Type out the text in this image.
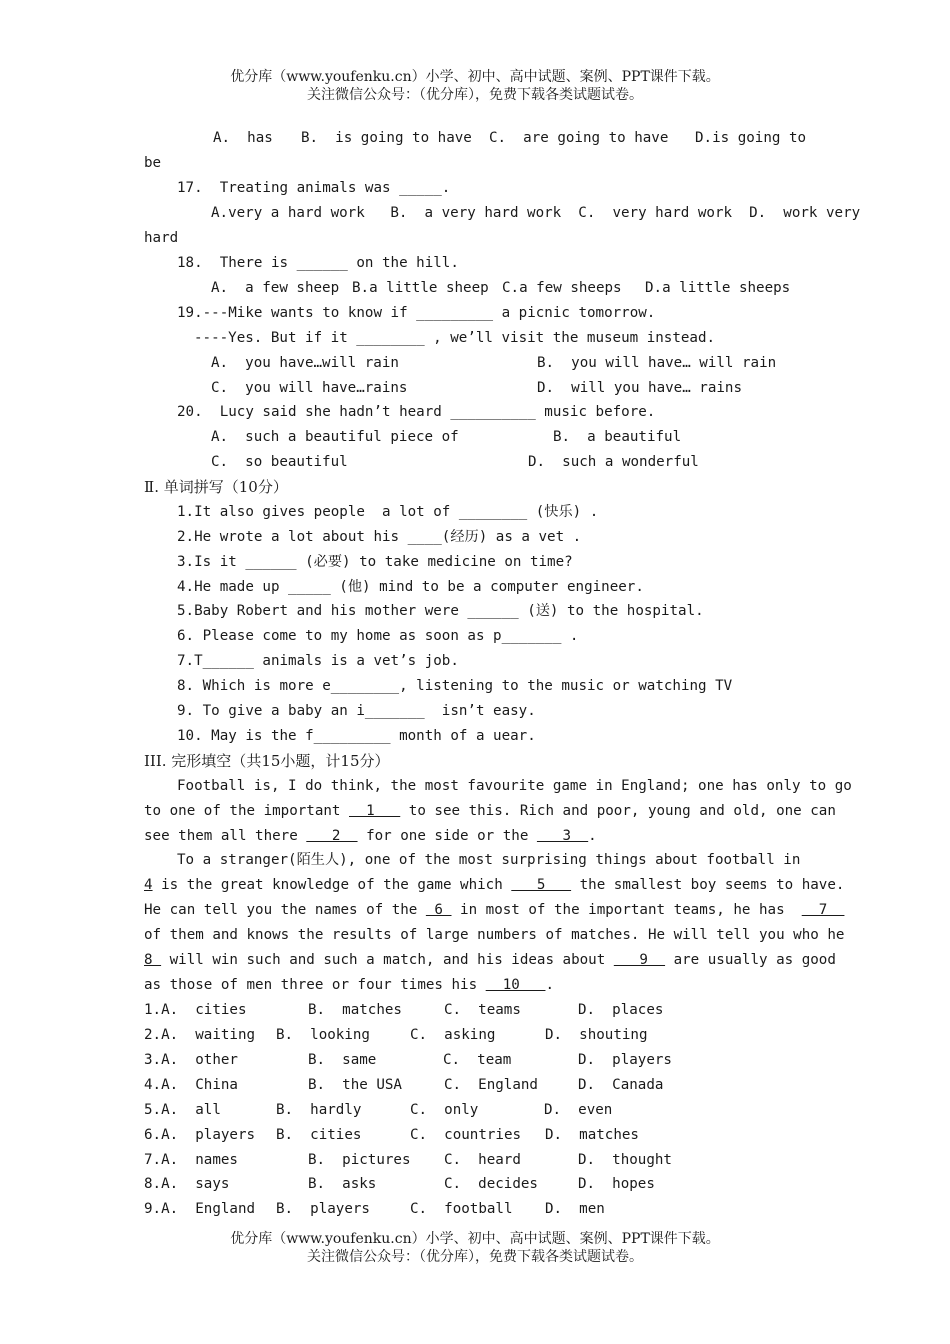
优分库（www.youfenku.cn）小学、初中、高中试题、案例、PPT课件下载。
关注微信公众号：（优分库），免费下载各类试题试卷。
A.  has B.  is going to have C.  are going to have D.is going to
be
17.  Treating animals was _____.
A.very a hard work   B.  a very hard work  C.  very hard work  D.  work very
hard
18.  There is ______ on the hill.
A.  a few sheep B.a little sheep C.a few sheeps D.a little sheeps
19.---Mike wants to know if _________ a picnic tomorrow.
----Yes. But if it ________ , we’ll visit the museum instead.
A.  you have…will rain	B.  you will have… will rain
C.  you will have…rains	D.  will you have… rains
20.  Lucy said she hadn’t heard __________ music before.
A.  such a beautiful piece of	B.  a beautiful
C.  so beautiful	D.  such a wonderful
Ⅱ. 单词拼写（10分）
1.It also gives people  a lot of ________ (快乐) .
2.He wrote a lot about his ____(经历) as a vet .
3.Is it ______ (必要) to take medicine on time?
4.He made up _____ (他) mind to be a computer engineer.
5.Baby Robert and his mother were ______ (送) to the hospital.
6. Please come to my home as soon as p_______ .
7.T______ animals is a vet’s job.
8. Which is more e________, listening to the music or watching TV
9. To give a baby an i_______  isn’t easy.
10. May is the f_________ month of a uear.
III. 完形填空（共15小题，计15分）
Football is, I do think, the most favourite game in England; one has only to go
to one of the important   1    to see this. Rich and poor, young and old, one can
see them all there    2   for one side or the    3  .
To a stranger(陌生人), one of the most surprising things about football in
4 is the great knowledge of the game which    5    the smallest boy seems to have.
He can tell you the names of the  6  in most of the important teams, he has    7
of them and knows the results of large numbers of matches. He will tell you who he
8  will win such and such a match, and his ideas about    9   are usually as good
as those of men three or four times his   10   .
1.A.  cities	B.  matches	C.  teams	D.  places
2.A.  waiting B.  looking	C.  asking	D.  shouting
3.A.  other	B.  same	C.  team	D.  players
4.A.  China	B.  the USA	C.  England	D.  Canada
5.A.  all	B.  hardly	C.  only	D.  even
6.A.  players B.  cities	C.  countries D.  matches
7.A.  names	B.  pictures C.  heard	D.  thought
8.A.  says	B.  asks	C.  decides	D.  hopes
9.A.  England B.  players	C.  football D.  men
优分库（www.youfenku.cn）小学、初中、高中试题、案例、PPT课件下载。
关注微信公众号：（优分库），免费下载各类试题试卷。
